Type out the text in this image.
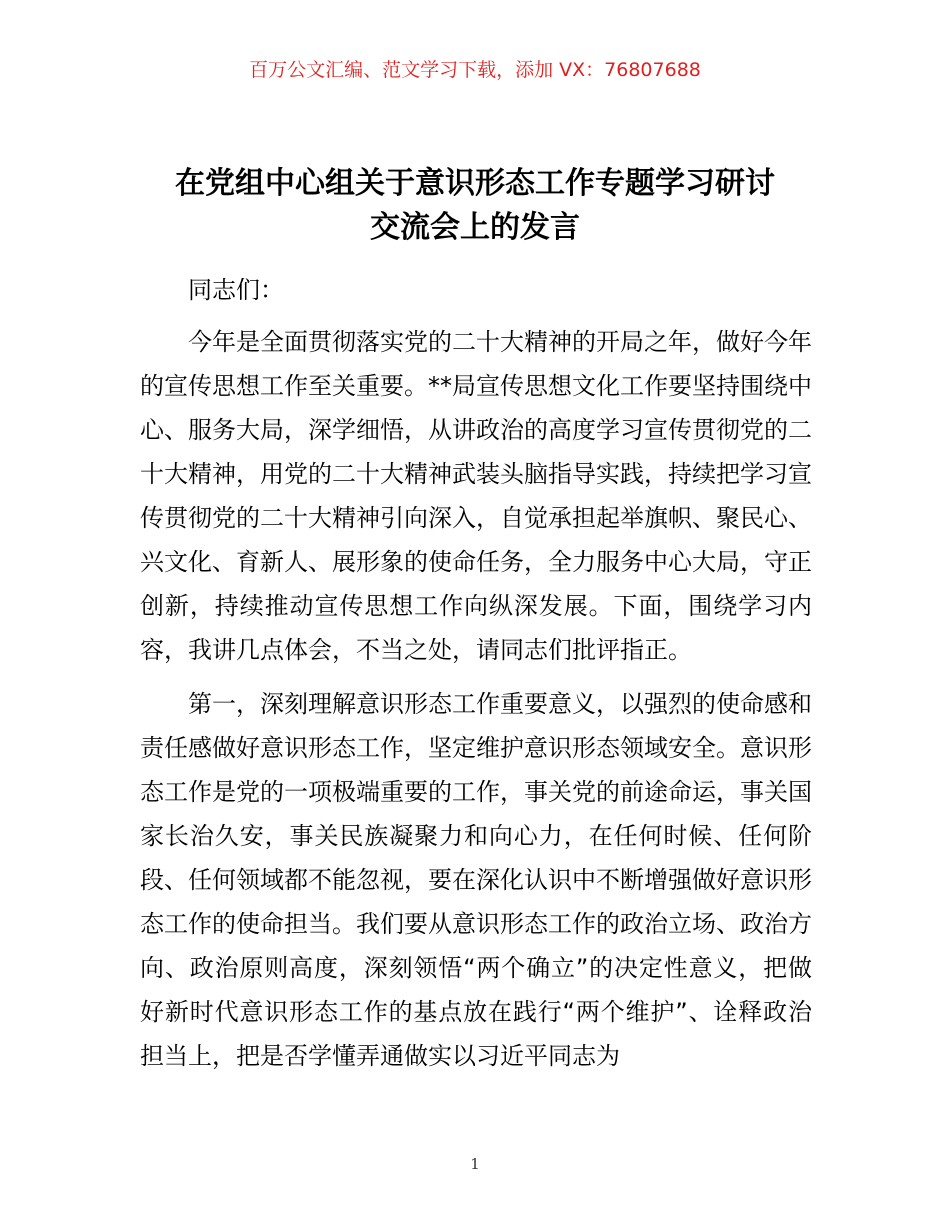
百万公文汇编、范文学习下载，添加 VX：76807688
在党组中心组关于意识形态工作专题学习研讨
交流会上的发言

同志们：

今年是全面贯彻落实党的二十大精神的开局之年，做好今年的宣传思想工作至关重要。**局宣传思想文化工作要坚持围绕中心、服务大局，深学细悟，从讲政治的高度学习宣传贯彻党的二十大精神，用党的二十大精神武装头脑指导实践，持续把学习宣传贯彻党的二十大精神引向深入，自觉承担起举旗帜、聚民心、兴文化、育新人、展形象的使命任务，全力服务中心大局，守正创新，持续推动宣传思想工作向纵深发展。下面，围绕学习内容，我讲几点体会，不当之处，请同志们批评指正。

第一，深刻理解意识形态工作重要意义，以强烈的使命感和责任感做好意识形态工作，坚定维护意识形态领域安全。意识形态工作是党的一项极端重要的工作，事关党的前途命运，事关国家长治久安，事关民族凝聚力和向心力，在任何时候、任何阶段、任何领域都不能忽视，要在深化认识中不断增强做好意识形态工作的使命担当。我们要从意识形态工作的政治立场、政治方向、政治原则高度，深刻领悟“两个确立”的决定性意义，把做好新时代意识形态工作的基点放在践行“两个维护”、诠释政治担当上，把是否学懂弄通做实以习近平同志为

1
